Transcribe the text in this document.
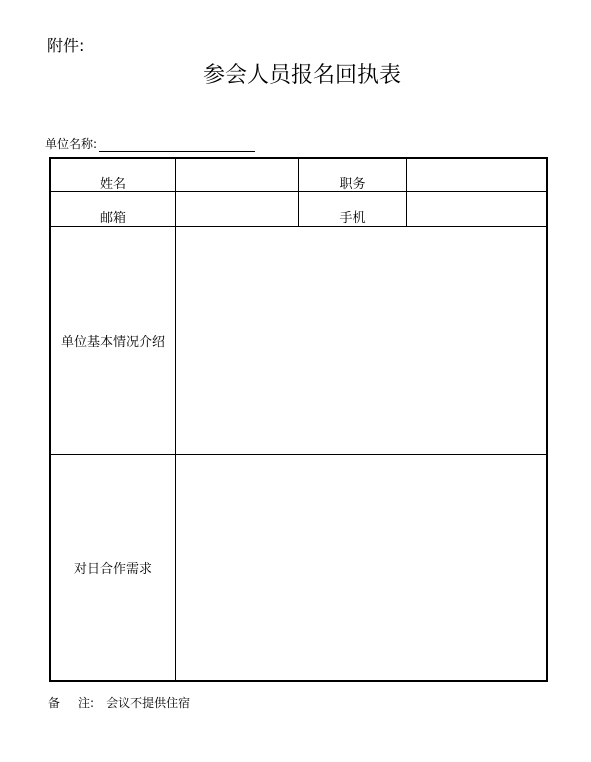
附件:
参会人员报名回执表
单位名称:
姓名	职务
邮箱	手机
单位基本情况介绍
对日合作需求
备 注: 会议不提供住宿
